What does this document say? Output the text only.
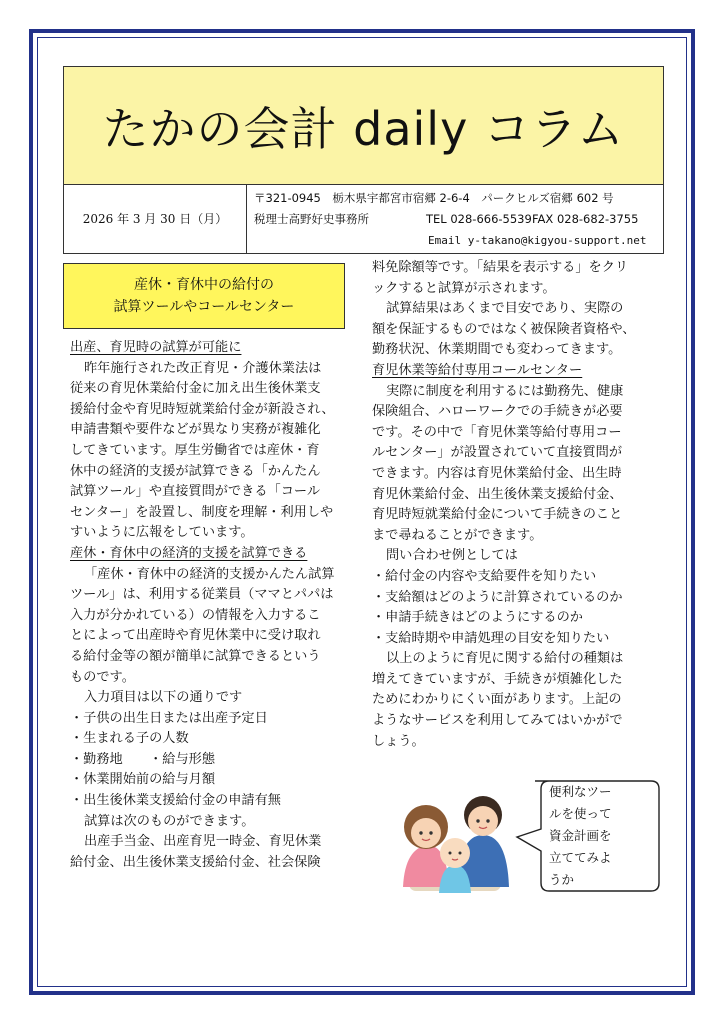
たかの会計 daily コラム
2026 年 3 月 30 日（月）
〒321-0945　栃木県宇都宮市宿郷 2-6-4　パークヒルズ宿郷 602 号
税理士高野好史事務所	TEL 028-666-5539 FAX 028-682-3755
Email y-takano@kigyou-support.net
産休・育休中の給付の
試算ツールやコールセンター
出産、育児時の試算が可能に
昨年施行された改正育児・介護休業法は
従来の育児休業給付金に加え出生後休業支
援給付金や育児時短就業給付金が新設され、
申請書類や要件などが異なり実務が複雑化
してきています。厚生労働省では産休・育
休中の経済的支援が試算できる「かんたん
試算ツール」や直接質問ができる「コール
センター」を設置し、制度を理解・利用しや
すいように広報をしています。
産休・育休中の経済的支援を試算できる
「産休・育休中の経済的支援かんたん試算
ツール」は、利用する従業員（ママとパパは
入力が分かれている）の情報を入力するこ
とによって出産時や育児休業中に受け取れ
る給付金等の額が簡単に試算できるという
ものです。
入力項目は以下の通りです
・子供の出生日または出産予定日
・生まれる子の人数
・勤務地　　・給与形態
・休業開始前の給与月額
・出生後休業支援給付金の申請有無
試算は次のものができます。
出産手当金、出産育児一時金、育児休業
給付金、出生後休業支援給付金、社会保険
料免除額等です。「結果を表示する」をクリ
ックすると試算が示されます。
試算結果はあくまで目安であり、実際の
額を保証するものではなく被保険者資格や、
勤務状況、休業期間でも変わってきます。
育児休業等給付専用コールセンター
実際に制度を利用するには勤務先、健康
保険組合、ハローワークでの手続きが必要
です。その中で「育児休業等給付専用コー
ルセンター」が設置されていて直接質問が
できます。内容は育児休業給付金、出生時
育児休業給付金、出生後休業支援給付金、
育児時短就業給付金について手続きのこと
まで尋ねることができます。
問い合わせ例としては
・給付金の内容や支給要件を知りたい
・支給額はどのように計算されているのか
・申請手続きはどのようにするのか
・支給時期や申請処理の目安を知りたい
以上のように育児に関する給付の種類は
増えてきていますが、手続きが煩雑化した
ためにわかりにくい面があります。上記の
ようなサービスを利用してみてはいかがで
しょう。
便利なツー
ルを使って
資金計画を
立ててみよ
うか
